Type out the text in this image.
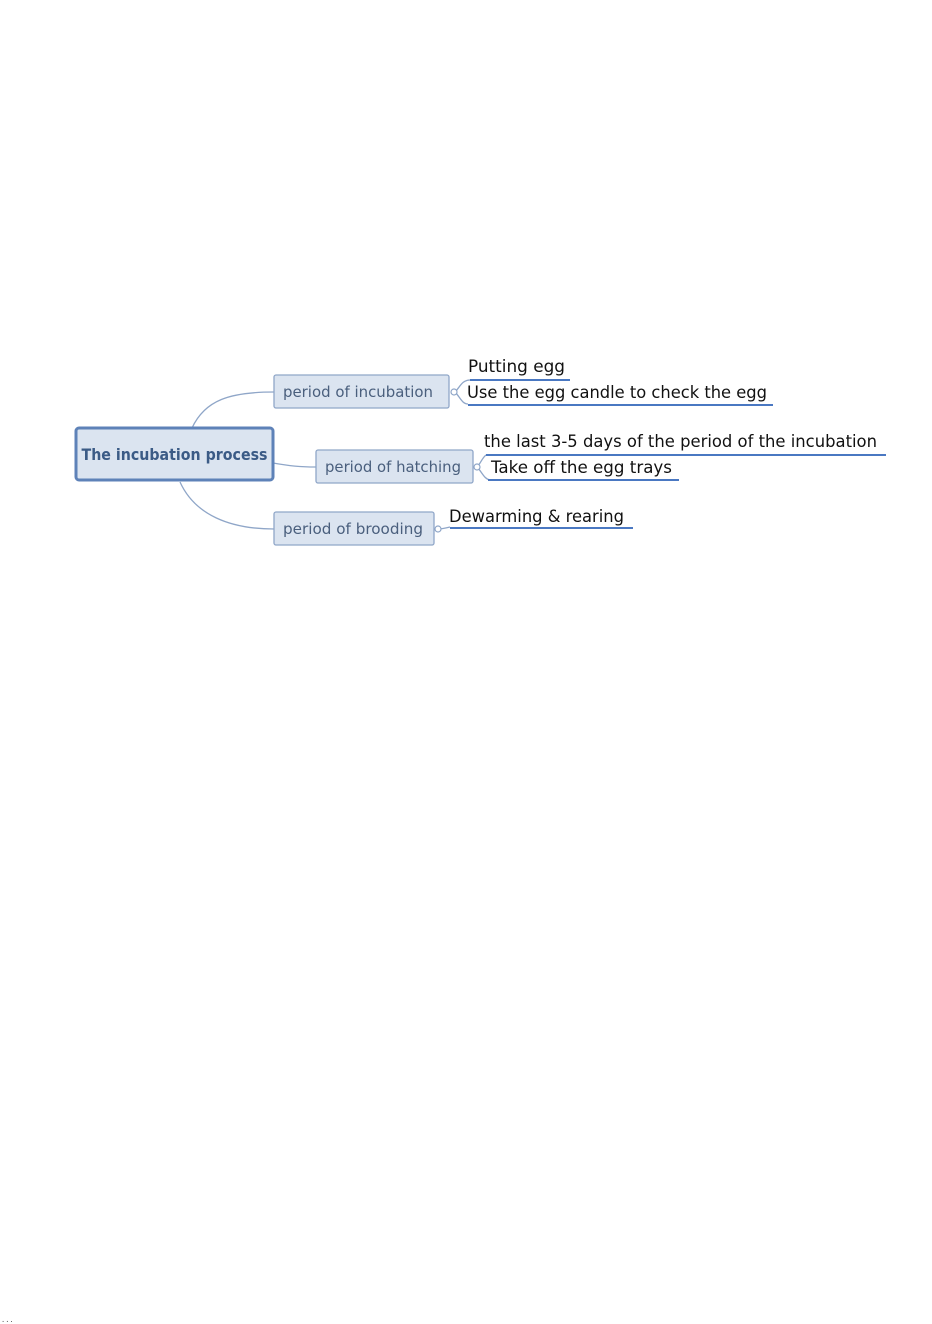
The incubation process
period of incubation
period of hatching
period of brooding
Putting egg
Use the egg candle to check the egg
the last 3-5 days of the period of the incubation
Take off the egg trays
Dewarming & rearing
...
